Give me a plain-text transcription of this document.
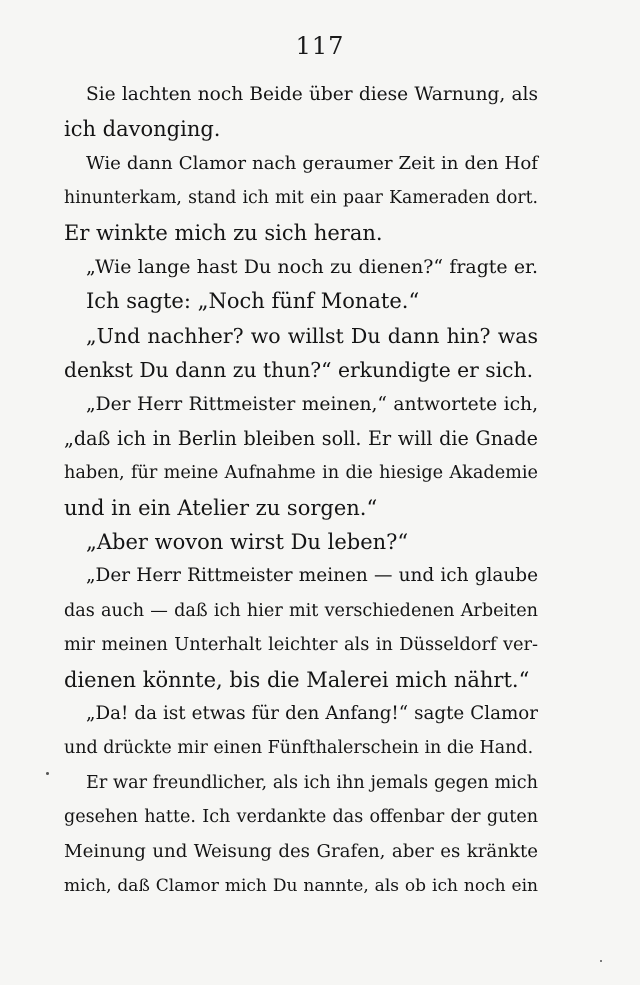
117
Sie lachten noch Beide über diese Warnung, als
ich davonging.
Wie dann Clamor nach geraumer Zeit in den Hof
hinunterkam, stand ich mit ein paar Kameraden dort.
Er winkte mich zu sich heran.
„Wie lange hast Du noch zu dienen?“ fragte er.
Ich sagte: „Noch fünf Monate.“
„Und nachher? wo willst Du dann hin? was
denkst Du dann zu thun?“ erkundigte er sich.
„Der Herr Rittmeister meinen,“ antwortete ich,
„daß ich in Berlin bleiben soll. Er will die Gnade
haben, für meine Aufnahme in die hiesige Akademie
und in ein Atelier zu sorgen.“
„Aber wovon wirst Du leben?“
„Der Herr Rittmeister meinen — und ich glaube
das auch — daß ich hier mit verschiedenen Arbeiten
mir meinen Unterhalt leichter als in Düsseldorf ver-
dienen könnte, bis die Malerei mich nährt.“
„Da! da ist etwas für den Anfang!“ sagte Clamor
und drückte mir einen Fünfthalerschein in die Hand.
Er war freundlicher, als ich ihn jemals gegen mich
gesehen hatte. Ich verdankte das offenbar der guten
Meinung und Weisung des Grafen, aber es kränkte
mich, daß Clamor mich Du nannte, als ob ich noch ein
